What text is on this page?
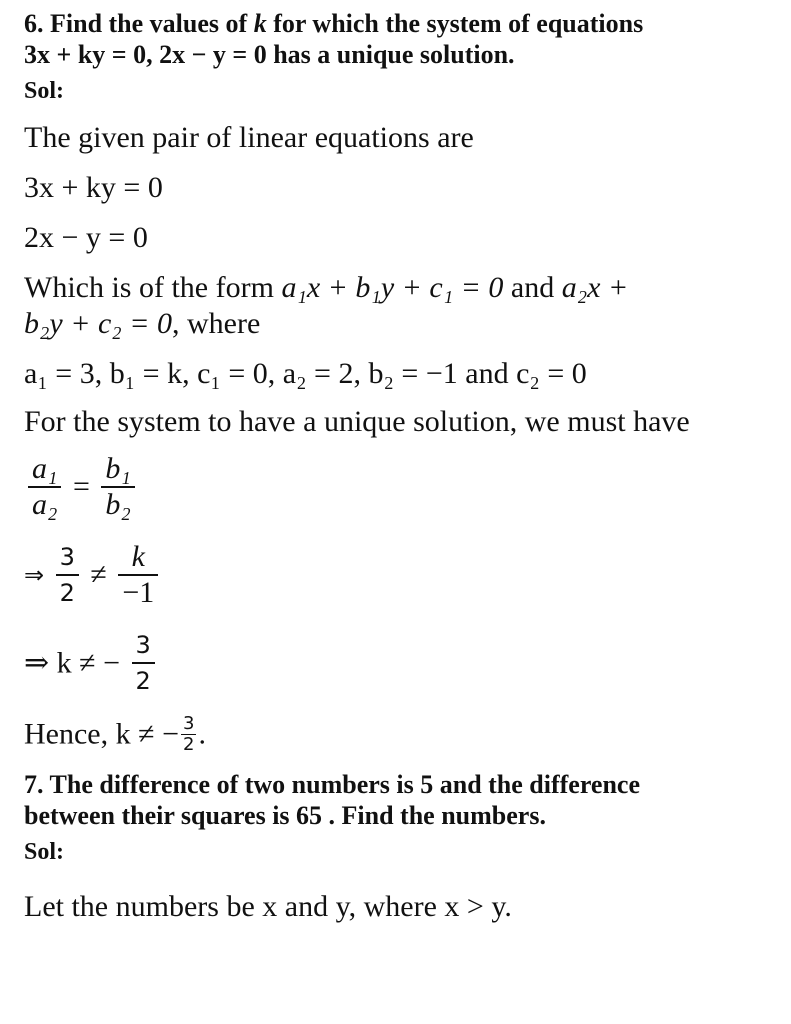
6. Find the values of k for which the system of equations
3x + ky = 0, 2x − y = 0 has a unique solution.

Sol:
The given pair of linear equations are
3x + ky = 0
2x − y = 0
Which is of the form a₁x + b₁y + c₁ = 0 and a₂x +
b₂y + c₂ = 0, where
a₁ = 3, b₁ = k, c₁ = 0, a₂ = 2, b₂ = −1 and c₂ = 0
For the system to have a unique solution, we must have
$\frac{\text{a₁}}{\text{a₂}} = \frac{\text{b₁}}{\text{b₂}}$
⇒ $\frac{3}{2} \ne \frac{k}{-1}$
⇒ k ≠ − $\frac{3}{2}$
Hence, k ≠ − $\frac{3}{2}$ .

7. The difference of two numbers is 5 and the difference
between their squares is 65 . Find the numbers.

Sol:
Let the numbers be x and y, where x > y.
